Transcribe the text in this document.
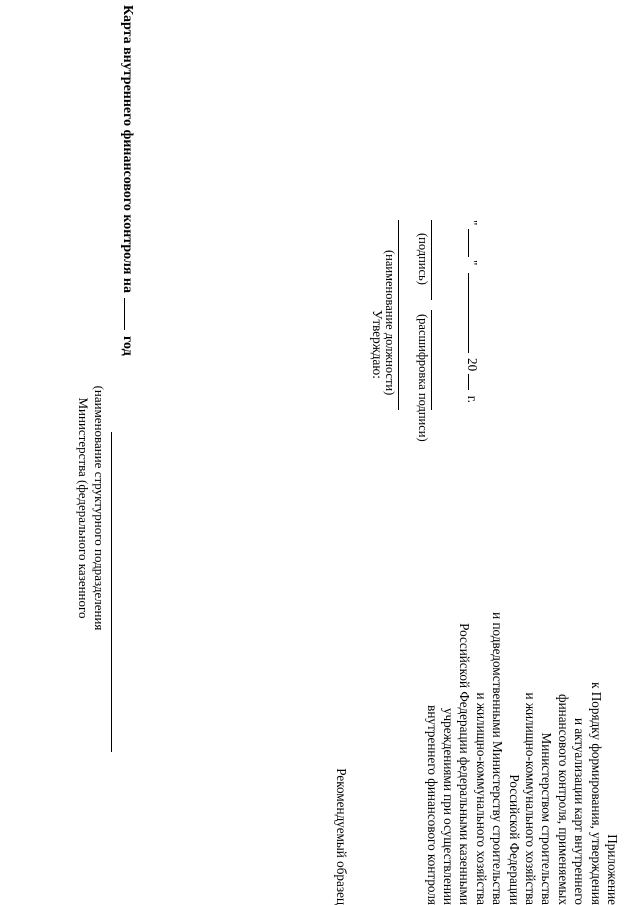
Приложение
к Порядку формирования, утверждения
и актуализации карт внутреннего
финансового контроля, применяемых
Министерством строительства
и жилищно-коммунального хозяйства
Российской Федерации
и подведомственными Министерству строительства
и жилищно-коммунального хозяйства
Российской Федерации федеральными казенными
учреждениями при осуществлении
внутреннего финансового контроля
Рекомендуемый образец
Утверждаю:
(наименование должности) (подпись)
(расшифровка подписи)
"  "  20  г.
Карта внутреннего финансового контроля на  год
(наименование структурного подразделения
Министерства (федерального казенного
